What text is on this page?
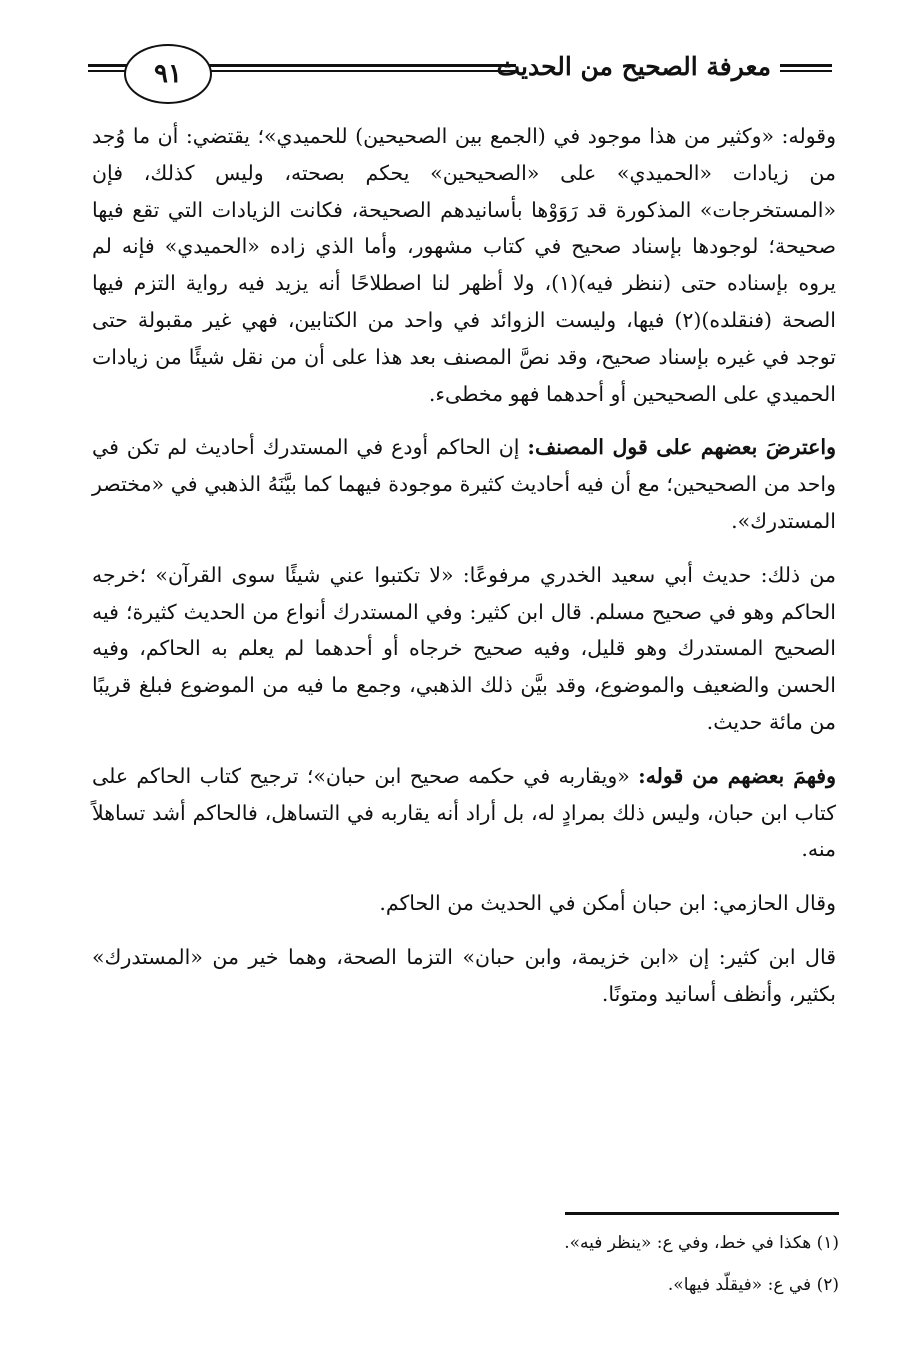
٩١	معرفة الصحيح من الحديث

وقوله: «وكثير من هذا موجود في (الجمع بين الصحيحين) للحميدي»؛ يقتضي: أن ما وُجد من زيادات «الحميدي» على «الصحيحين» يحكم بصحته، وليس كذلك، فإن «المستخرجات» المذكورة قد رَوَوْها بأسانيدهم الصحيحة، فكانت الزيادات التي تقع فيها صحيحة؛ لوجودها بإسناد صحيح في كتاب مشهور، وأما الذي زاده «الحميدي» فإنه لم يروه بإسناده حتى (ننظر فيه)(١)، ولا أظهر لنا اصطلاحًا أنه يزيد فيه رواية التزم فيها الصحة (فنقلده)(٢) فيها، وليست الزوائد في واحد من الكتابين، فهي غير مقبولة حتى توجد في غيره بإسناد صحيح، وقد نصَّ المصنف بعد هذا على أن من نقل شيئًا من زيادات الحميدي على الصحيحين أو أحدهما فهو مخطىء.

واعترضَ بعضهم على قول المصنف: إن الحاكم أودع في المستدرك أحاديث لم تكن في واحد من الصحيحين؛ مع أن فيه أحاديث كثيرة موجودة فيهما كما بيَّنَهُ الذهبي في «مختصر المستدرك».

من ذلك: حديث أبي سعيد الخدري مرفوعًا: «لا تكتبوا عني شيئًا سوى القرآن» ؛خرجه الحاكم وهو في صحيح مسلم. قال ابن كثير: وفي المستدرك أنواع من الحديث كثيرة؛ فيه الصحيح المستدرك وهو قليل، وفيه صحيح خرجاه أو أحدهما لم يعلم به الحاكم، وفيه الحسن والضعيف والموضوع، وقد بيَّن ذلك الذهبي، وجمع ما فيه من الموضوع فبلغ قريبًا من مائة حديث.

وفهمَ بعضهم من قوله: «ويقاربه في حكمه صحيح ابن حبان»؛ ترجيح كتاب الحاكم على كتاب ابن حبان، وليس ذلك بمرادٍ له، بل أراد أنه يقاربه في التساهل، فالحاكم أشد تساهلاً منه.

وقال الحازمي: ابن حبان أمكن في الحديث من الحاكم.

قال ابن كثير: إن «ابن خزيمة، وابن حبان» التزما الصحة، وهما خير من «المستدرك» بكثير، وأنظف أسانيد ومتونًا.

(١) هكذا في خط، وفي ع: «ينظر فيه».

(٢) في ع: «فيقلّد فيها».
